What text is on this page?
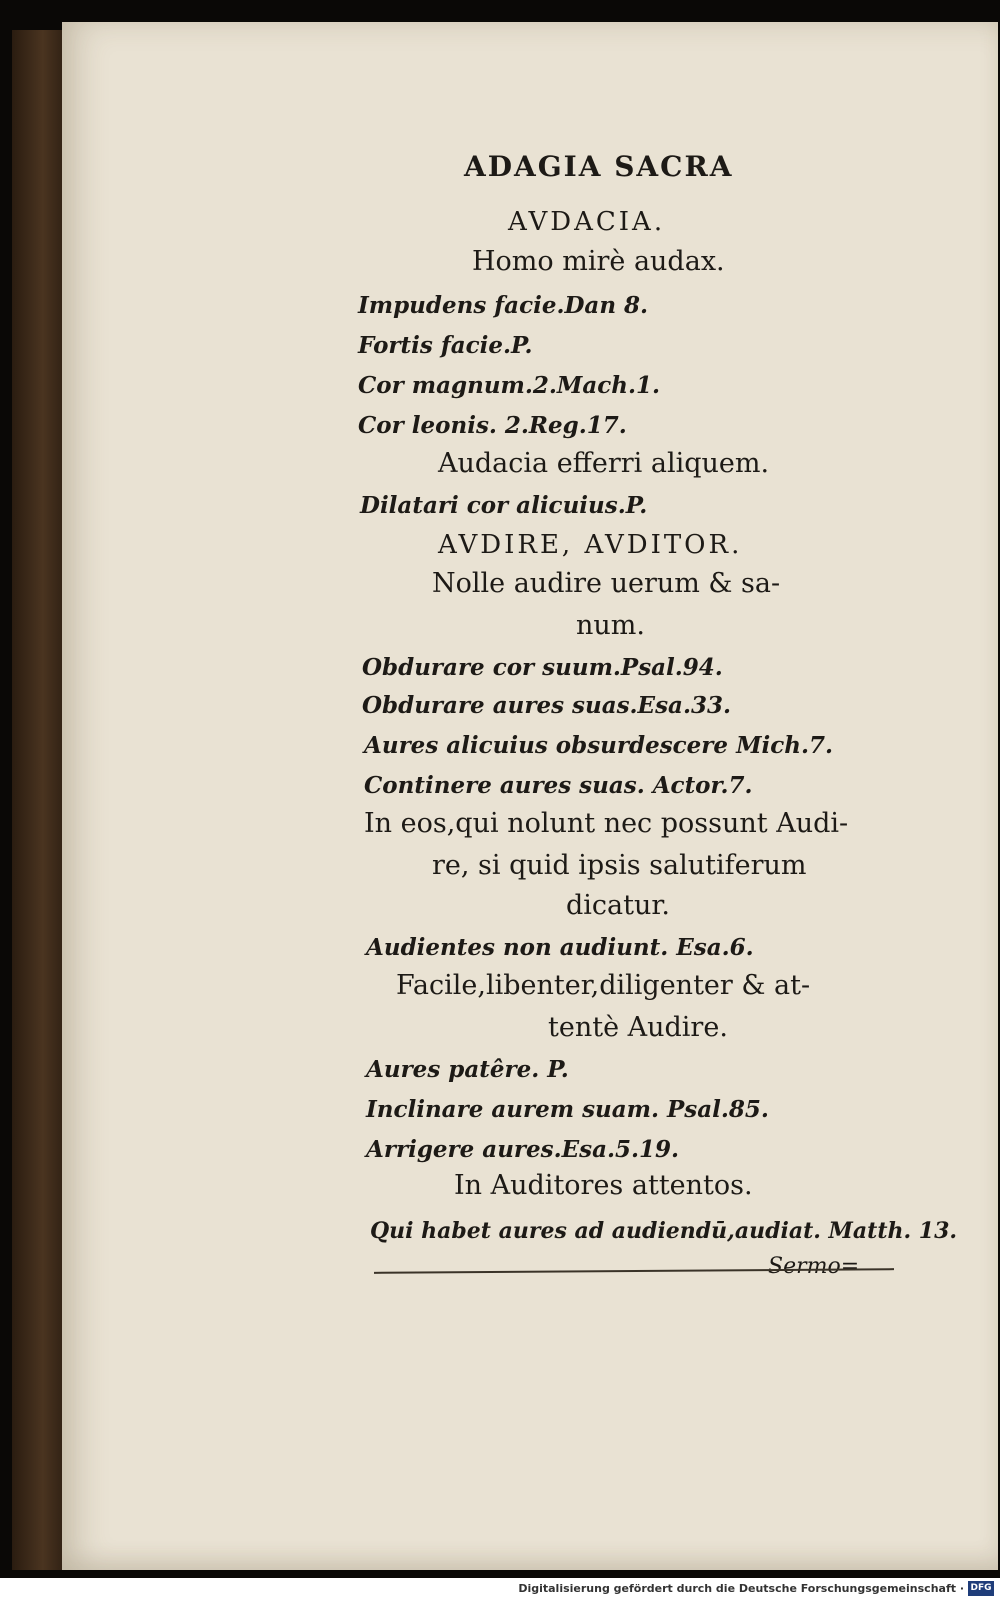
ADAGIA SACRA
AVDACIA.
Homo mirè audax.
Impudens facie.Dan 8.
Fortis facie.P.
Cor magnum.2.Mach.1.
Cor leonis. 2.Reg.17.
Audacia efferri aliquem.
Dilatari cor alicuius.P.
AVDIRE, AVDITOR.
Nolle audire uerum & sa-
num.
Obdurare cor suum.Psal.94.
Obdurare aures suas.Esa.33.
Aures alicuius obsurdescere Mich.7.
Continere aures suas. Actor.7.
In eos,qui nolunt nec possunt Audi-
re, si quid ipsis salutiferum
dicatur.
Audientes non audiunt. Esa.6.
Facile,libenter,diligenter & at-
tentè Audire.
Aures patêre. P.
Inclinare aurem suam. Psal.85.
Arrigere aures.Esa.5.19.
In Auditores attentos.
Qui habet aures ad audiendū,audiat. Matth. 13.
Sermo=
Digitalisierung gefördert durch die Deutsche Forschungsgemeinschaft · DFG
